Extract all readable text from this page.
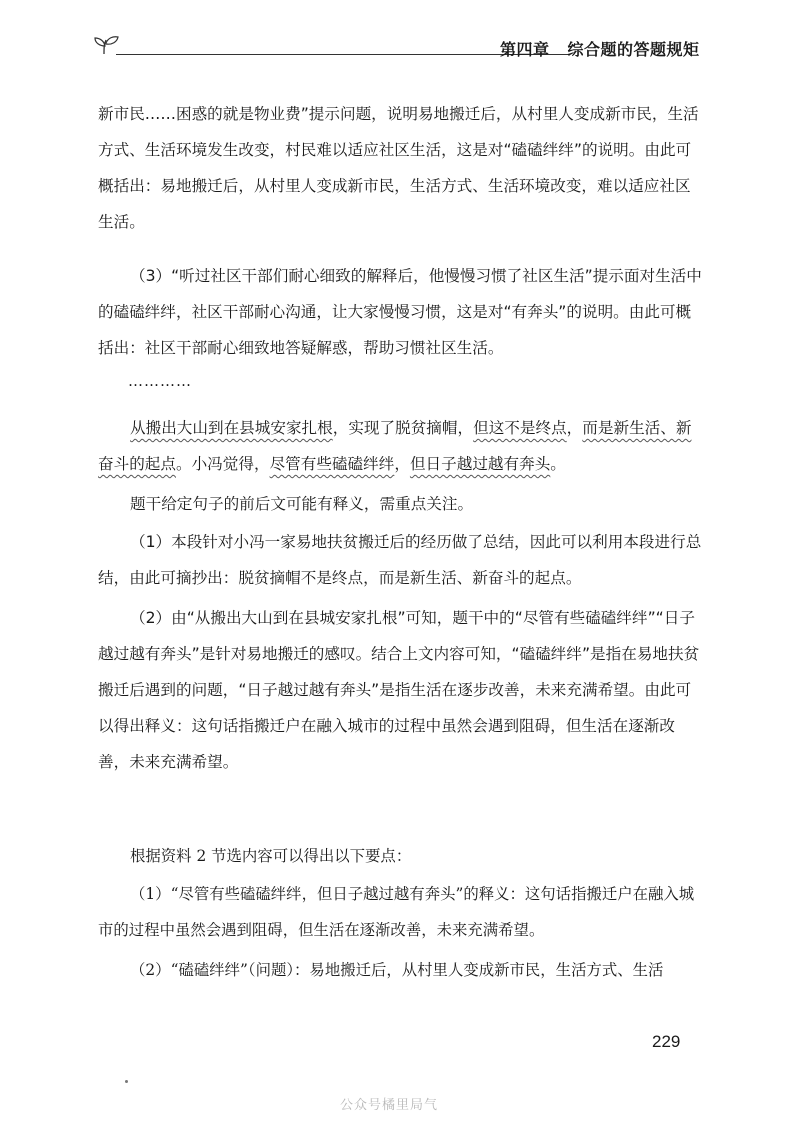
第四章 综合题的答题规矩

新市民……困惑的就是物业费”提示问题，说明易地搬迁后，从村里人变成新市民，生活方式、生活环境发生改变，村民难以适应社区生活，这是对“磕磕绊绊”的说明。由此可概括出：易地搬迁后，从村里人变成新市民，生活方式、生活环境改变，难以适应社区生活。

（3）“听过社区干部们耐心细致的解释后，他慢慢习惯了社区生活”提示面对生活中的磕磕绊绊，社区干部耐心沟通，让大家慢慢习惯，这是对“有奔头”的说明。由此可概括出：社区干部耐心细致地答疑解惑，帮助习惯社区生活。

…………

从搬出大山到在县城安家扎根，实现了脱贫摘帽，但这不是终点，而是新生活、新奋斗的起点。小冯觉得，尽管有些磕磕绊绊，但日子越过越有奔头。

题干给定句子的前后文可能有释义，需重点关注。

（1）本段针对小冯一家易地扶贫搬迁后的经历做了总结，因此可以利用本段进行总结，由此可摘抄出：脱贫摘帽不是终点，而是新生活、新奋斗的起点。

（2）由“从搬出大山到在县城安家扎根”可知，题干中的“尽管有些磕磕绊绊”“日子越过越有奔头”是针对易地搬迁的感叹。结合上文内容可知，“磕磕绊绊”是指在易地扶贫搬迁后遇到的问题，“日子越过越有奔头”是指生活在逐步改善，未来充满希望。由此可以得出释义：这句话指搬迁户在融入城市的过程中虽然会遇到阻碍，但生活在逐渐改善，未来充满希望。

根据资料 2 节选内容可以得出以下要点：

（1）“尽管有些磕磕绊绊，但日子越过越有奔头”的释义：这句话指搬迁户在融入城市的过程中虽然会遇到阻碍，但生活在逐渐改善，未来充满希望。

（2）“磕磕绊绊”（问题）：易地搬迁后，从村里人变成新市民，生活方式、生活

229
公众号橘里局气
